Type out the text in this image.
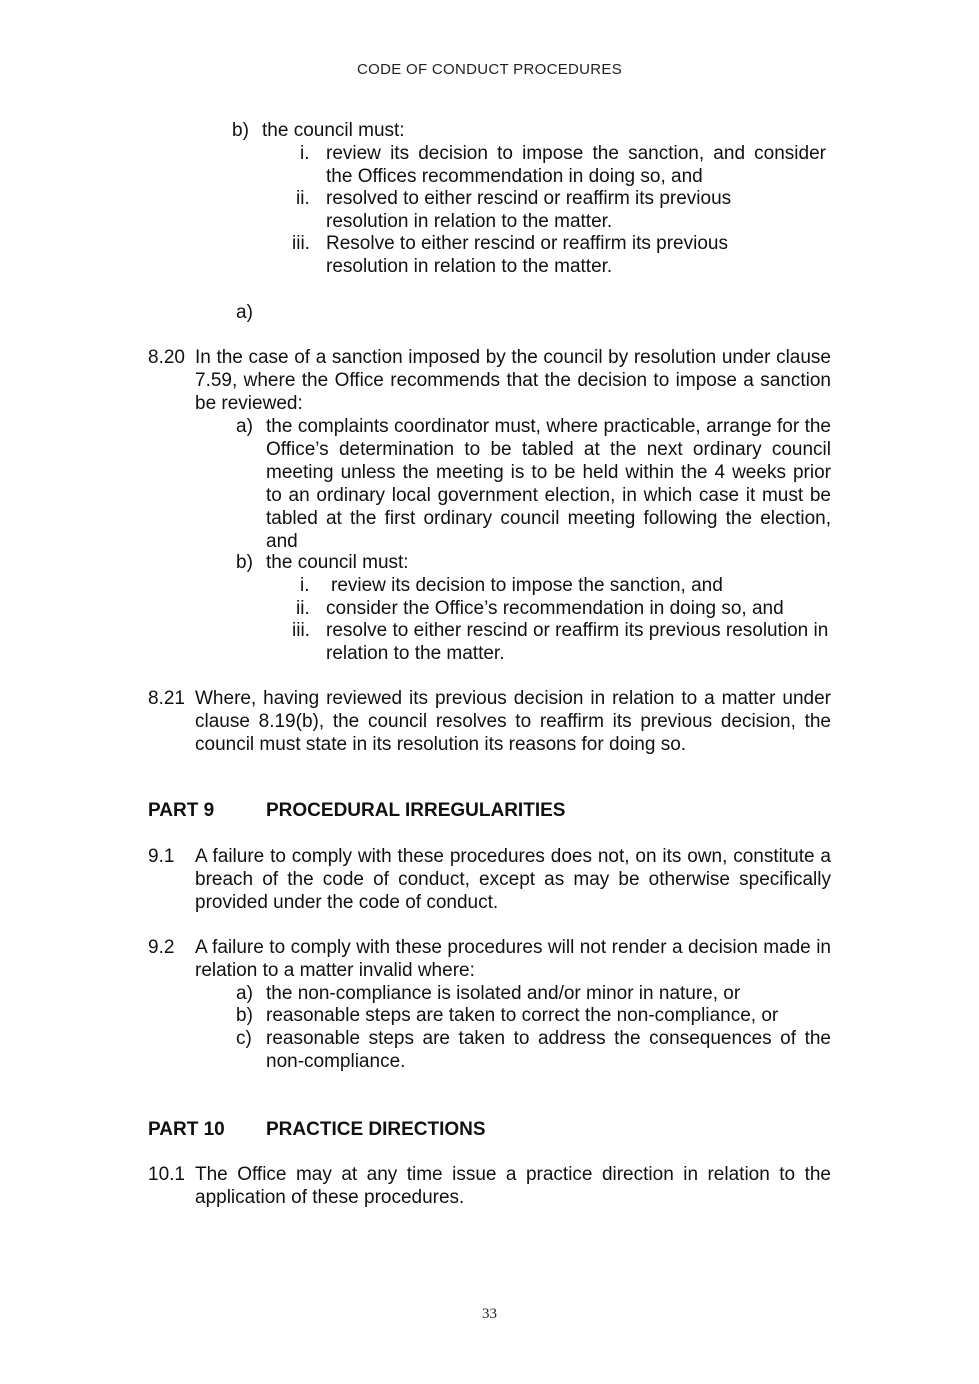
CODE OF CONDUCT PROCEDURES
b) the council must:
i. review its decision to impose the sanction, and consider the Offices recommendation in doing so, and
ii. resolved to either rescind or reaffirm its previous resolution in relation to the matter.
iii. Resolve to either rescind or reaffirm its previous resolution in relation to the matter.
a)
8.20 In the case of a sanction imposed by the council by resolution under clause 7.59, where the Office recommends that the decision to impose a sanction be reviewed:
a) the complaints coordinator must, where practicable, arrange for the Office’s determination to be tabled at the next ordinary council meeting unless the meeting is to be held within the 4 weeks prior to an ordinary local government election, in which case it must be tabled at the first ordinary council meeting following the election, and
b) the council must:
i. review its decision to impose the sanction, and
ii. consider the Office’s recommendation in doing so, and
iii. resolve to either rescind or reaffirm its previous resolution in relation to the matter.
8.21 Where, having reviewed its previous decision in relation to a matter under clause 8.19(b), the council resolves to reaffirm its previous decision, the council must state in its resolution its reasons for doing so.
PART 9	PROCEDURAL IRREGULARITIES
9.1 A failure to comply with these procedures does not, on its own, constitute a breach of the code of conduct, except as may be otherwise specifically provided under the code of conduct.
9.2 A failure to comply with these procedures will not render a decision made in relation to a matter invalid where:
a) the non-compliance is isolated and/or minor in nature, or
b) reasonable steps are taken to correct the non-compliance, or
c) reasonable steps are taken to address the consequences of the non-compliance.
PART 10 PRACTICE DIRECTIONS
10.1 The Office may at any time issue a practice direction in relation to the application of these procedures.
33
